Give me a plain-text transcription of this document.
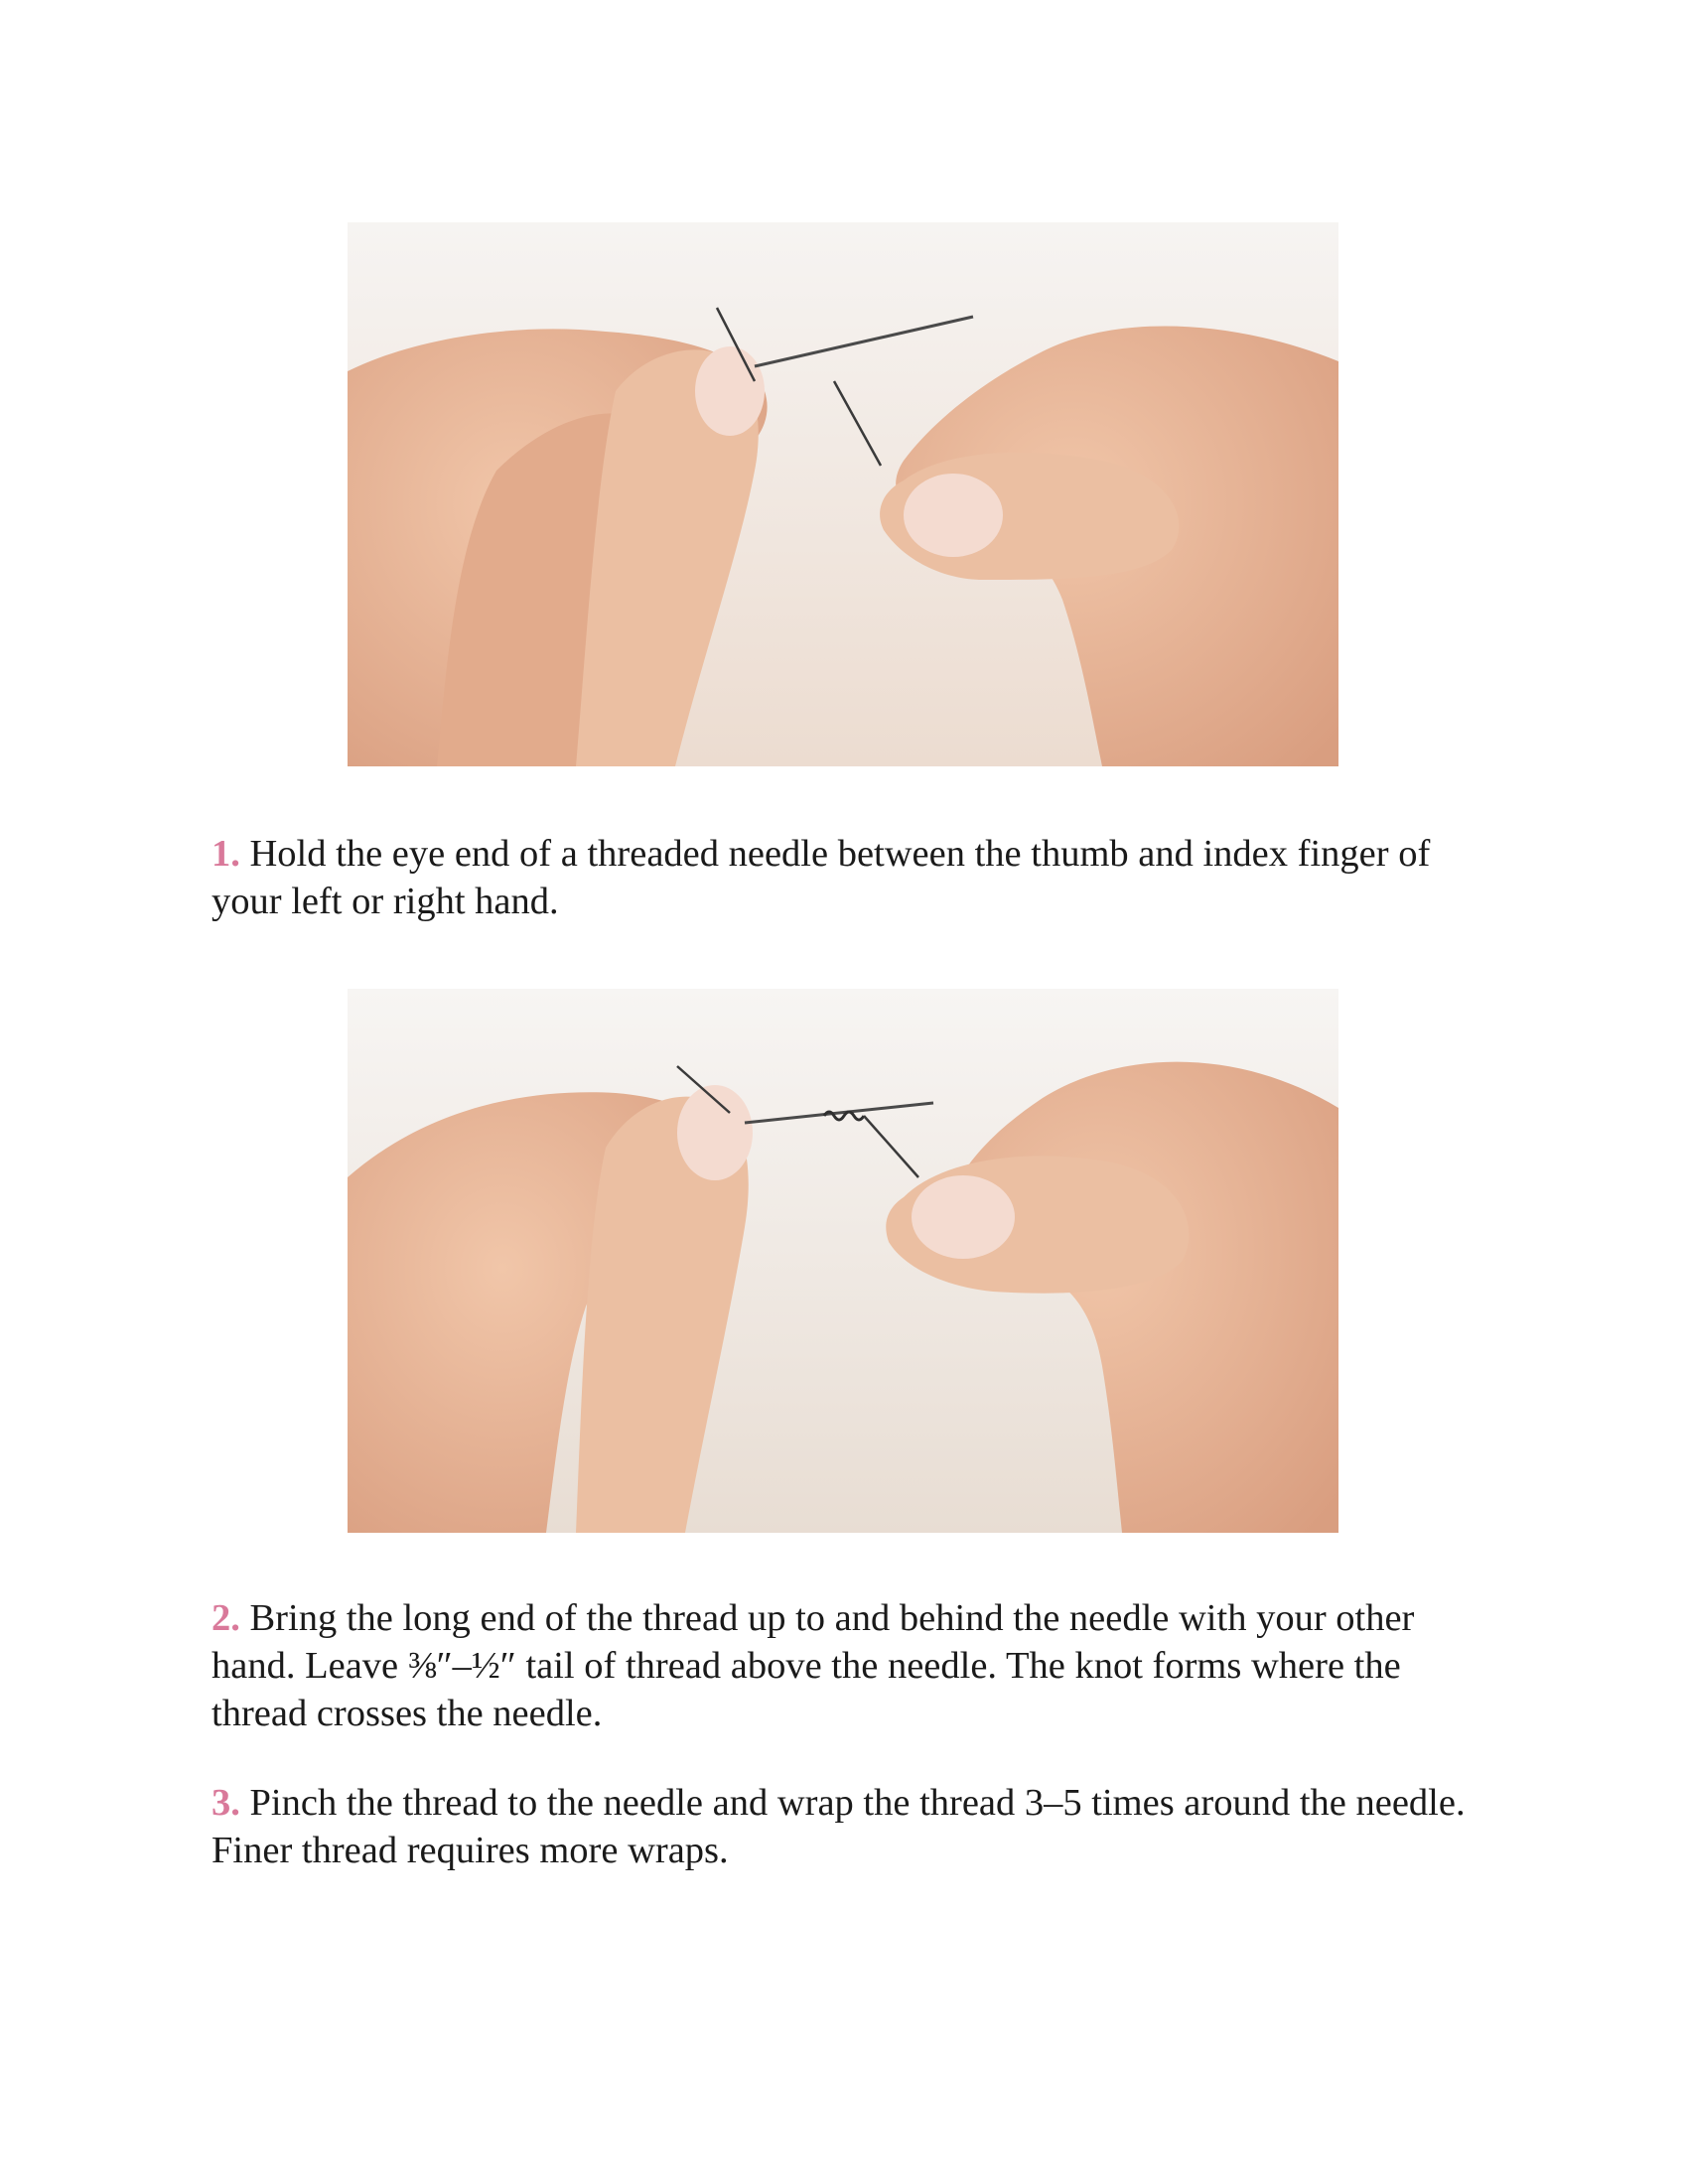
1. Hold the eye end of a threaded needle between the thumb and index finger of your left or right hand.

2. Bring the long end of the thread up to and behind the needle with your other hand. Leave ⅜″–½″ tail of thread above the needle. The knot forms where the thread crosses the needle.

3. Pinch the thread to the needle and wrap the thread 3–5 times around the needle. Finer thread requires more wraps.
